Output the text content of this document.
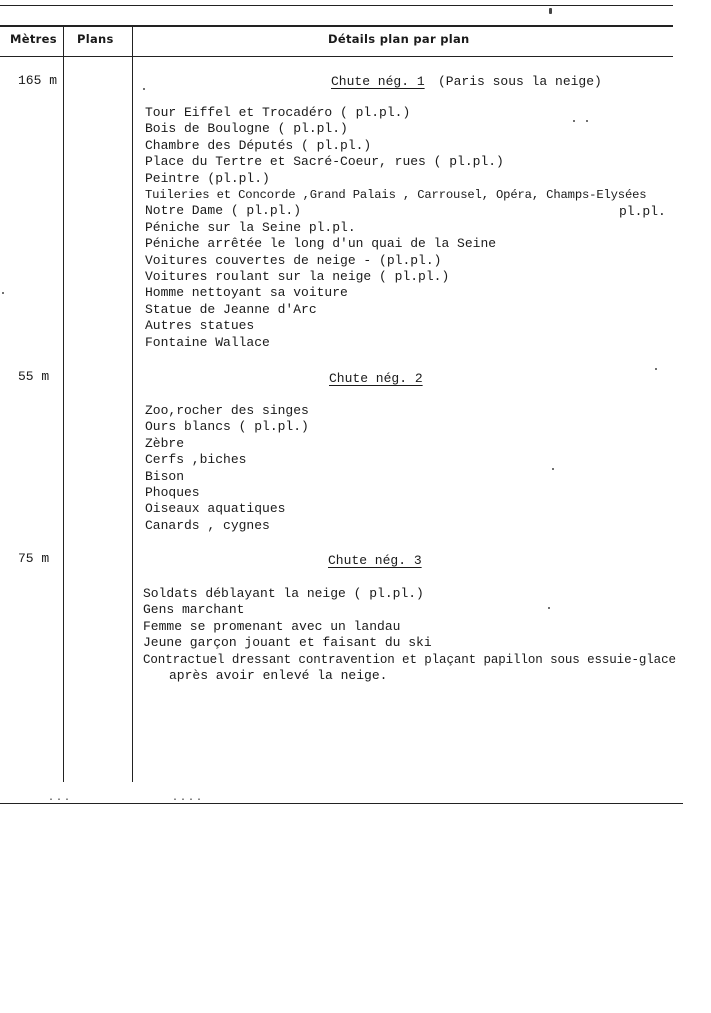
Mètres Plans	Détails plan par plan
165 m	Chute nég. 1 (Paris sous la neige)
Tour Eiffel et Trocadéro ( pl.pl.)
Bois de Boulogne ( pl.pl.)
Chambre des Députés ( pl.pl.)
Place du Tertre et Sacré-Coeur, rues ( pl.pl.)
Peintre (pl.pl.)
Tuileries et Concorde ,Grand Palais , Carrousel, Opéra, Champs-Elysées
Notre Dame ( pl.pl.)
Péniche sur la Seine pl.pl.
Péniche arrêtée le long d'un quai de la Seine
Voitures couvertes de neige - (pl.pl.)
Voitures roulant sur la neige ( pl.pl.)
Homme nettoyant sa voiture
Statue de Jeanne d'Arc
Autres statues
Fontaine Wallace
pl.pl.
55 m	Chute nég. 2
Zoo,rocher des singes
Ours blancs ( pl.pl.)
Zèbre
Cerfs ,biches
Bison
Phoques
Oiseaux aquatiques
Canards , cygnes
75 m	Chute nég. 3
Soldats déblayant la neige ( pl.pl.)
Gens marchant
Femme se promenant avec un landau
Jeune garçon jouant et faisant du ski
Contractuel dressant contravention et plaçant papillon sous essuie-glace
après avoir enlevé la neige.
...	....
